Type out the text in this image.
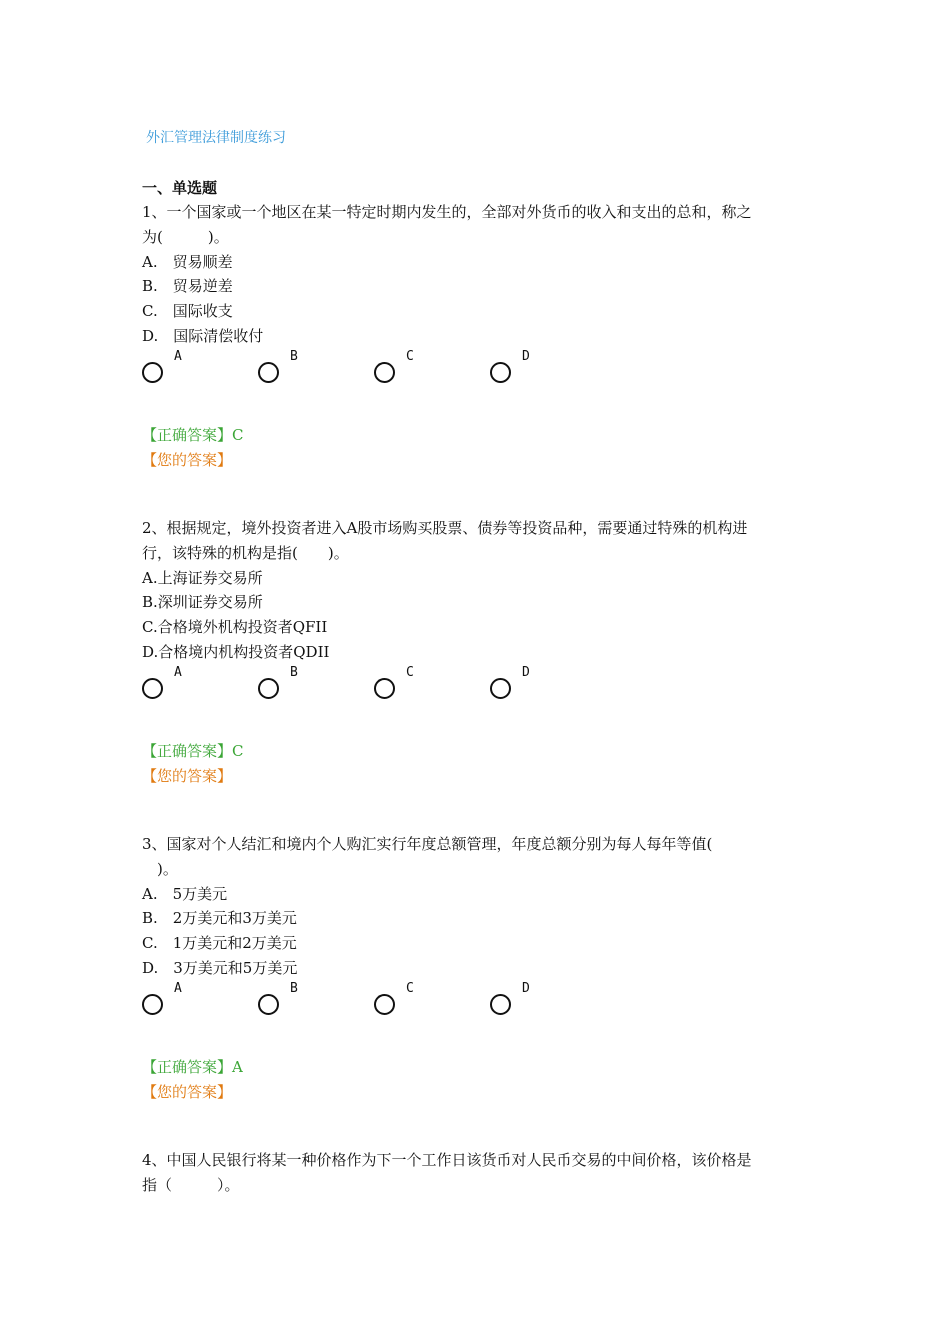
外汇管理法律制度练习
一、单选题
1、一个国家或一个地区在某一特定时期内发生的，全部对外货币的收入和支出的总和，称之
为(　　　)。
A.　贸易顺差
B.　贸易逆差
C.　国际收支
D.　国际清偿收付
A	B	C	D
【正确答案】C
【您的答案】
2、根据规定，境外投资者进入A股市场购买股票、债券等投资品种，需要通过特殊的机构进
行，该特殊的机构是指(　　)。
A.上海证券交易所
B.深圳证券交易所
C.合格境外机构投资者QFII
D.合格境内机构投资者QDII
A	B	C	D
【正确答案】C
【您的答案】
3、国家对个人结汇和境内个人购汇实行年度总额管理，年度总额分别为每人每年等值(
　)。
A.　5万美元
B.　2万美元和3万美元
C.　1万美元和2万美元
D.　3万美元和5万美元
A	B	C	D
【正确答案】A
【您的答案】
4、中国人民银行将某一种价格作为下一个工作日该货币对人民币交易的中间价格，该价格是
指（　　　）。
